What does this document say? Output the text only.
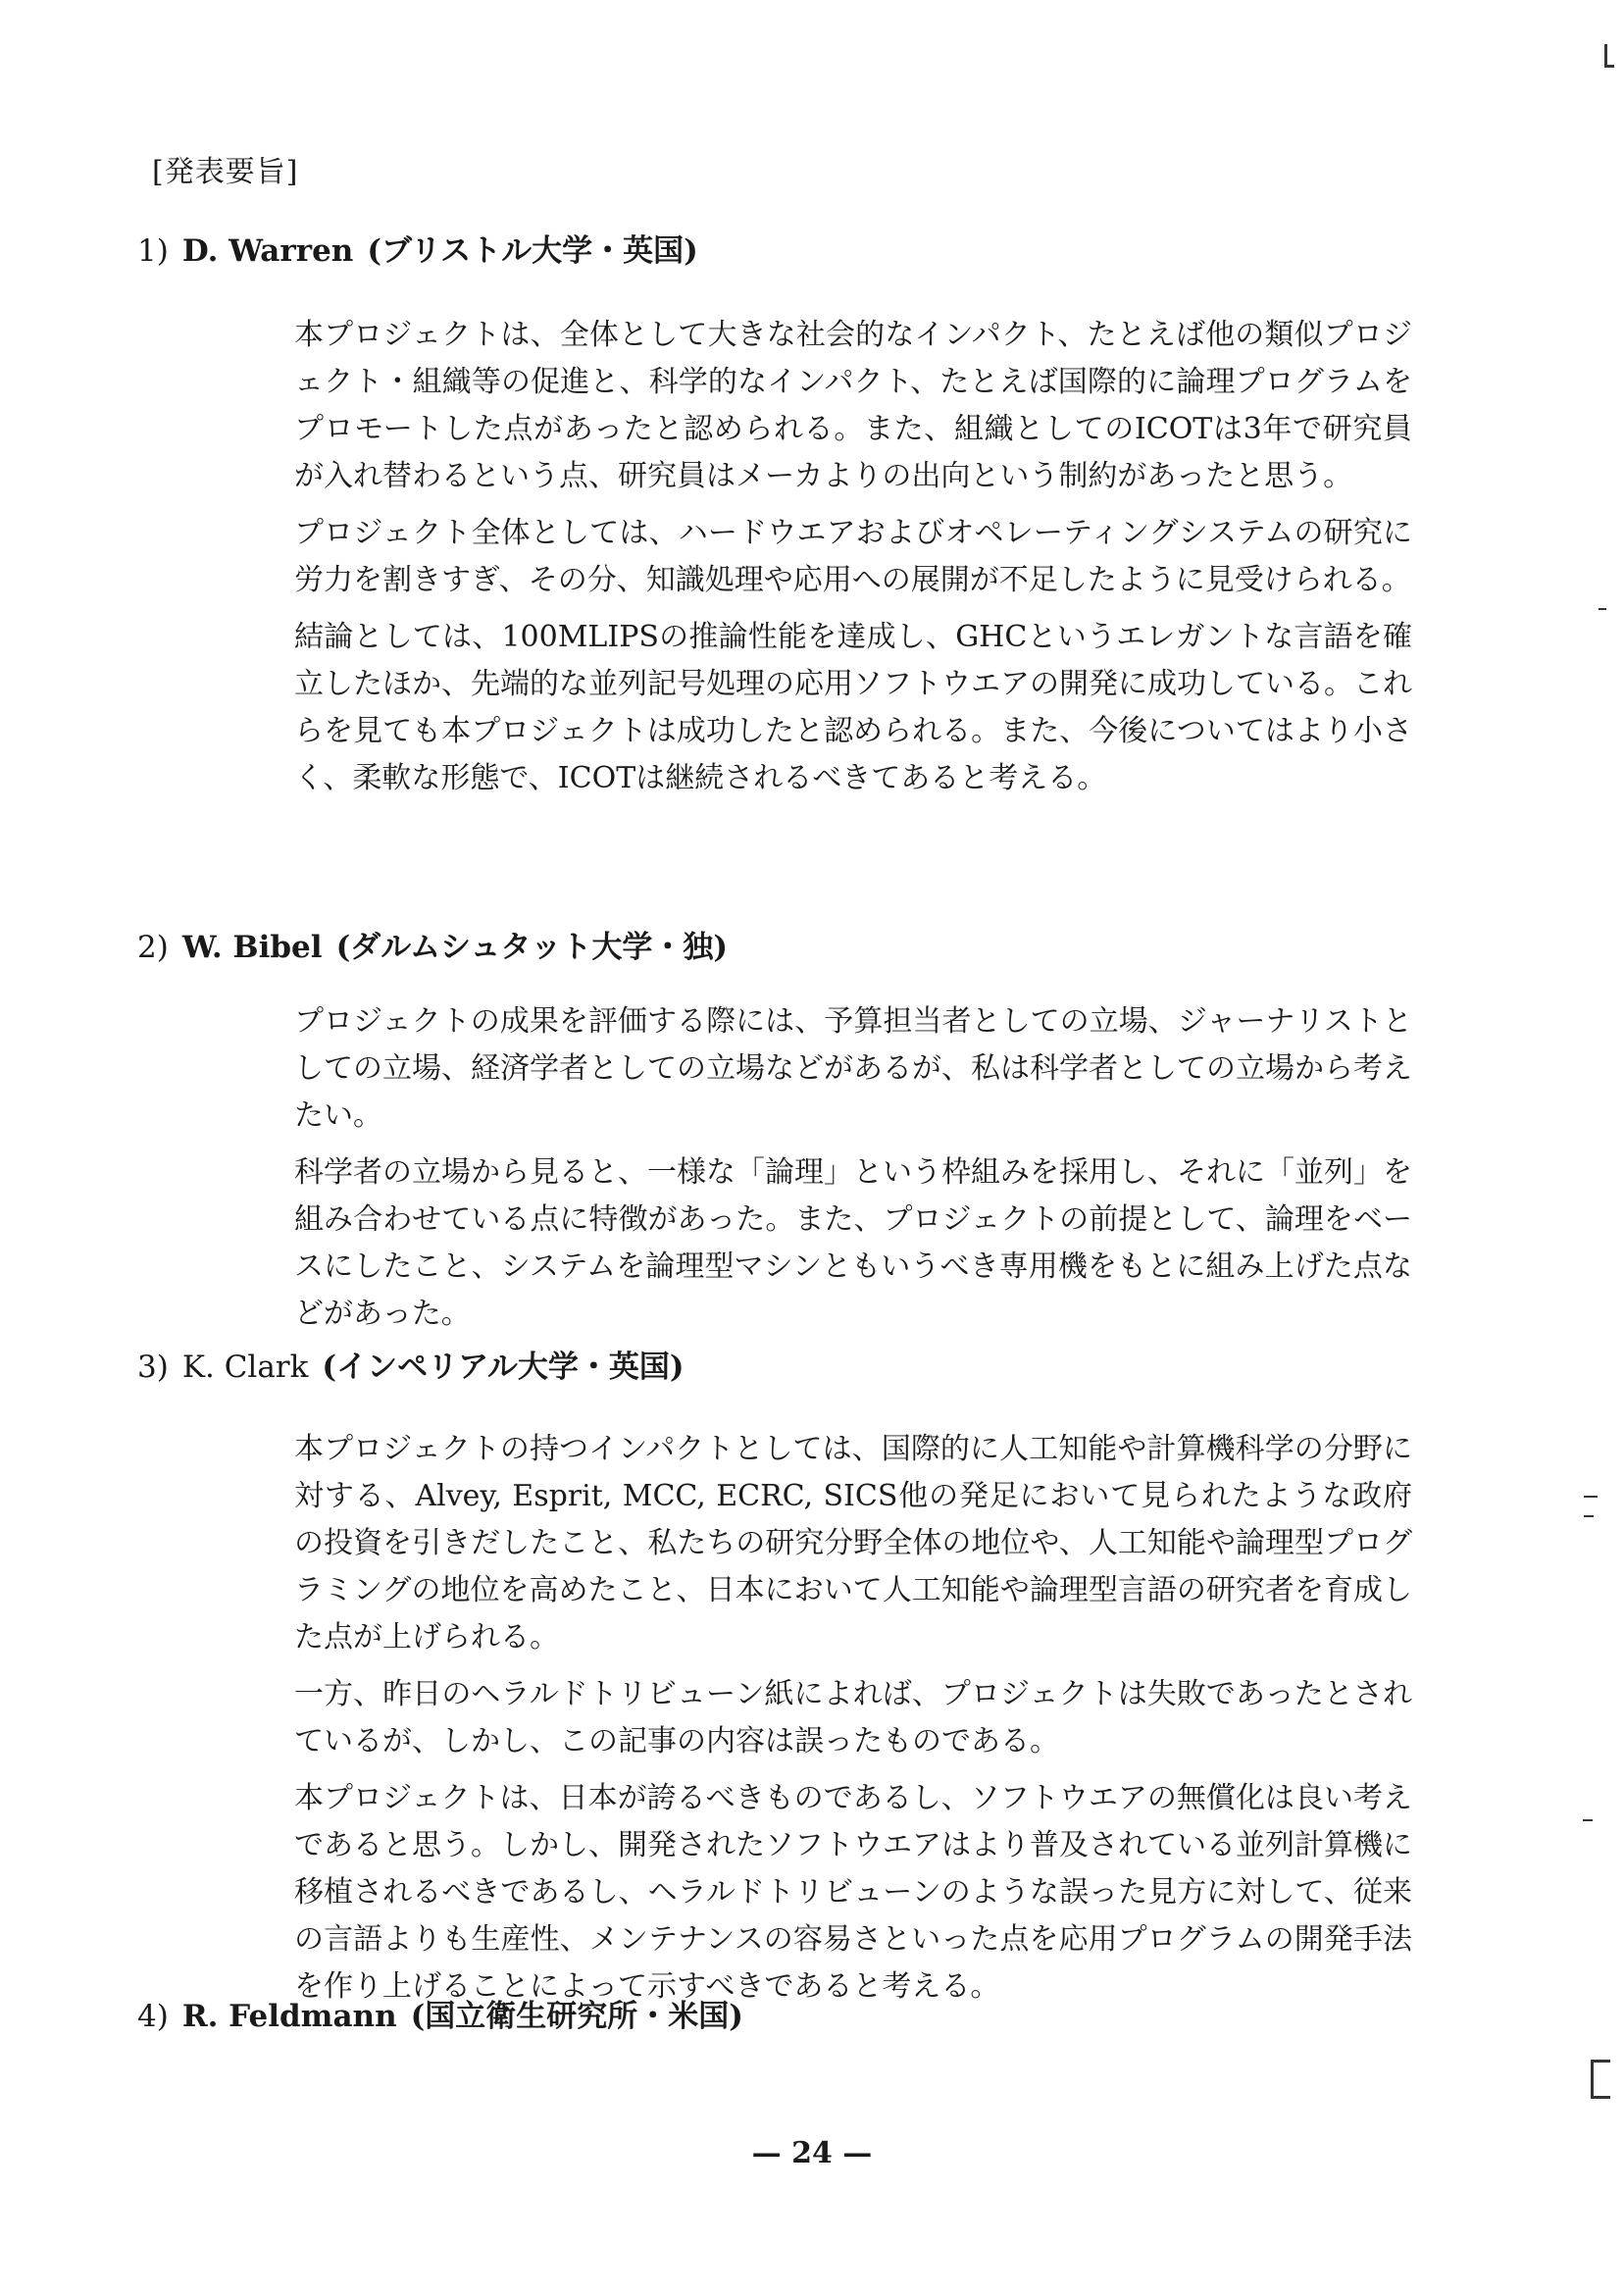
[発表要旨]
1) D. Warren (ブリストル大学・英国)

本プロジェクトは、全体として大きな社会的なインパクト、たとえば他の類似プロジェクト・組織等の促進と、科学的なインパクト、たとえば国際的に論理プログラムをプロモートした点があったと認められる。また、組織としてのICOTは3年で研究員が入れ替わるという点、研究員はメーカよりの出向という制約があったと思う。

プロジェクト全体としては、ハードウエアおよびオペレーティングシステムの研究に労力を割きすぎ、その分、知識処理や応用への展開が不足したように見受けられる。

結論としては、100MLIPSの推論性能を達成し、GHCというエレガントな言語を確立したほか、先端的な並列記号処理の応用ソフトウエアの開発に成功している。これらを見ても本プロジェクトは成功したと認められる。また、今後についてはより小さく、柔軟な形態で、ICOTは継続されるべきてあると考える。

2) W. Bibel (ダルムシュタット大学・独)

プロジェクトの成果を評価する際には、予算担当者としての立場、ジャーナリストとしての立場、経済学者としての立場などがあるが、私は科学者としての立場から考えたい。

科学者の立場から見ると、一様な「論理」という枠組みを採用し、それに「並列」を組み合わせている点に特徴があった。また、プロジェクトの前提として、論理をベースにしたこと、システムを論理型マシンともいうべき専用機をもとに組み上げた点などがあった。

3) K. Clark (インペリアル大学・英国)

本プロジェクトの持つインパクトとしては、国際的に人工知能や計算機科学の分野に対する、Alvey, Esprit, MCC, ECRC, SICS他の発足において見られたような政府の投資を引きだしたこと、私たちの研究分野全体の地位や、人工知能や論理型プログラミングの地位を高めたこと、日本において人工知能や論理型言語の研究者を育成した点が上げられる。

一方、昨日のヘラルドトリビューン紙によれば、プロジェクトは失敗であったとされているが、しかし、この記事の内容は誤ったものである。

本プロジェクトは、日本が誇るべきものであるし、ソフトウエアの無償化は良い考えであると思う。しかし、開発されたソフトウエアはより普及されている並列計算機に移植されるべきであるし、ヘラルドトリビューンのような誤った見方に対して、従来の言語よりも生産性、メンテナンスの容易さといった点を応用プログラムの開発手法を作り上げることによって示すべきであると考える。

4) R. Feldmann (国立衛生研究所・米国)
— 24 —
